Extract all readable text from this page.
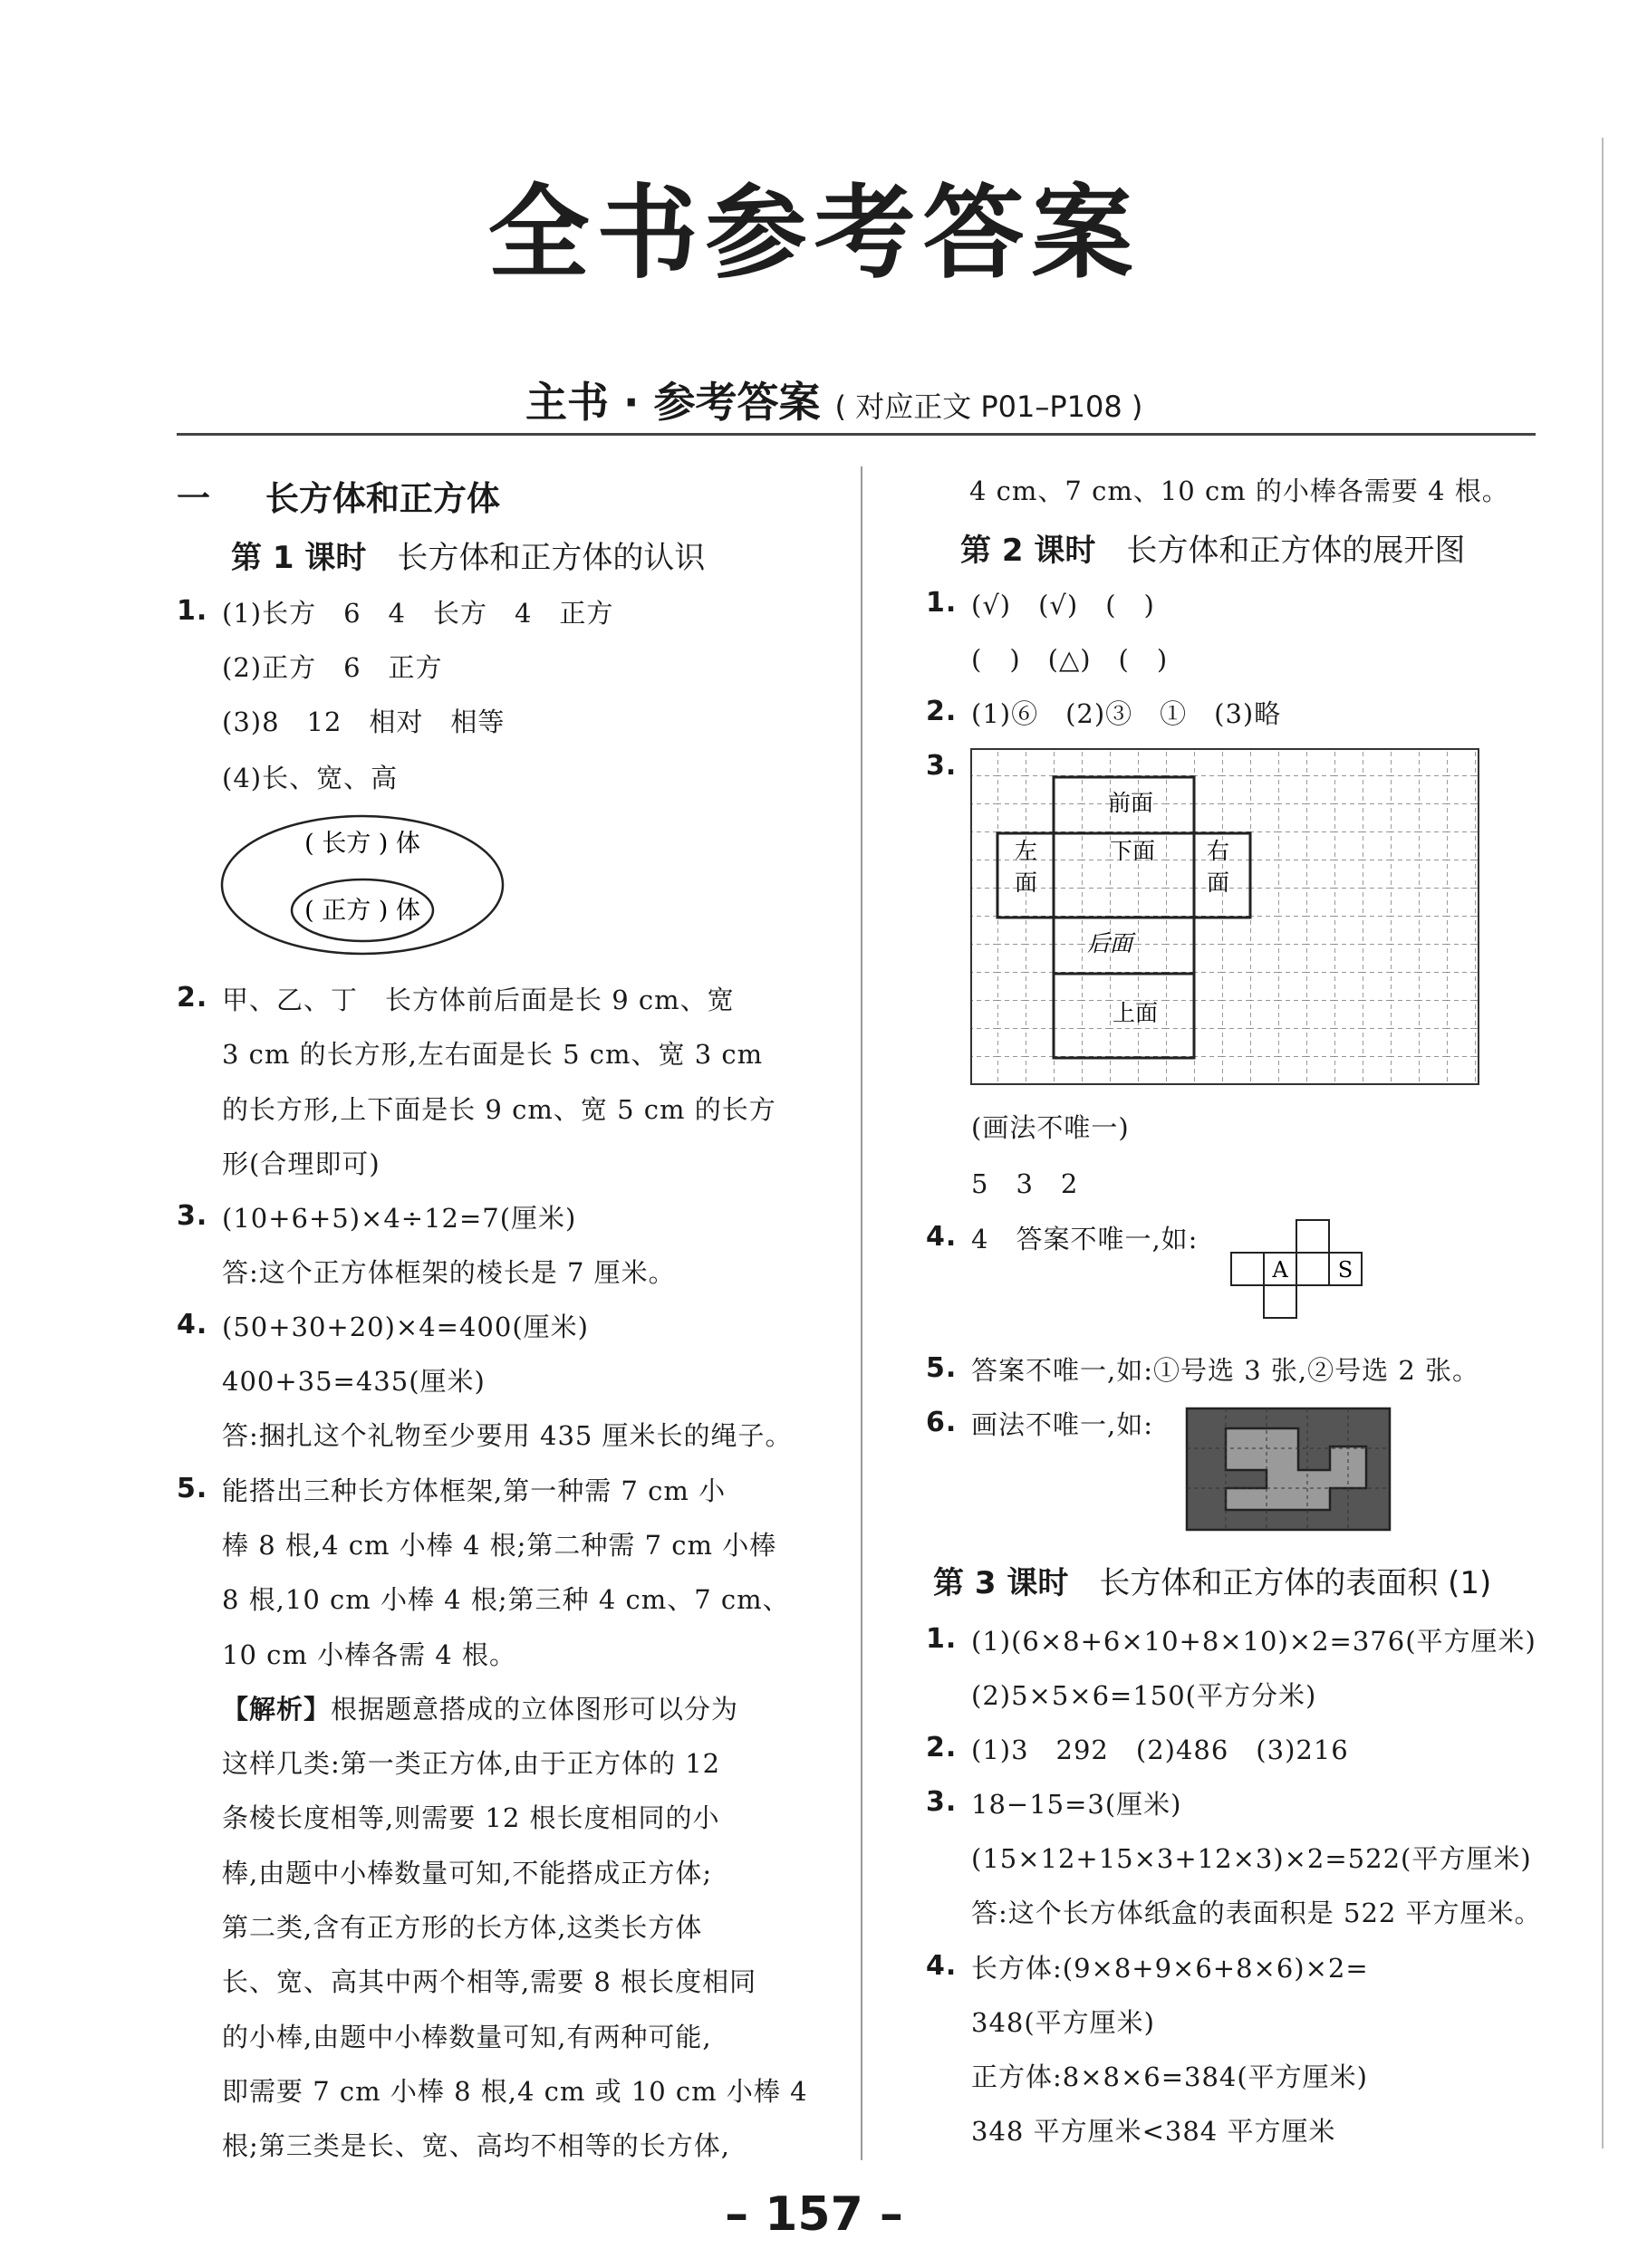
全书参考答案
主书 · 参考答案 ( 对应正文 P01–P108 )
一 长方体和正方体
第 1 课时 长方体和正方体的认识
1. (1)长方　6　4　长方　4　正方
(2)正方　6　正方
(3)8　12　相对　相等
(4)长、宽、高
( 长方 ) 体
( 正方 ) 体
2. 甲、乙、丁　长方体前后面是长 9 cm、宽
3 cm 的长方形,左右面是长 5 cm、宽 3 cm
的长方形,上下面是长 9 cm、宽 5 cm 的长方
形(合理即可)
3. (10+6+5)×4÷12=7(厘米)
答:这个正方体框架的棱长是 7 厘米。
4. (50+30+20)×4=400(厘米)
400+35=435(厘米)
答:捆扎这个礼物至少要用 435 厘米长的绳子。
5. 能搭出三种长方体框架,第一种需 7 cm 小
棒 8 根,4 cm 小棒 4 根;第二种需 7 cm 小棒
8 根,10 cm 小棒 4 根;第三种 4 cm、7 cm、
10 cm 小棒各需 4 根。
【解析】根据题意搭成的立体图形可以分为
这样几类:第一类正方体,由于正方体的 12
条棱长度相等,则需要 12 根长度相同的小
棒,由题中小棒数量可知,不能搭成正方体;
第二类,含有正方形的长方体,这类长方体
长、宽、高其中两个相等,需要 8 根长度相同
的小棒,由题中小棒数量可知,有两种可能,
即需要 7 cm 小棒 8 根,4 cm 或 10 cm 小棒 4
根;第三类是长、宽、高均不相等的长方体,
4 cm、7 cm、10 cm 的小棒各需要 4 根。
第 2 课时 长方体和正方体的展开图
1. (√)　(√)　(　)
(　)　(△)　(　)
2. (1)⑥　(2)③　①　(3)略
3.
前面
左
面
下面 右
面
后面
上面
(画法不唯一)
5　3　2
4. 4　答案不唯一,如:
A S
5. 答案不唯一,如:①号选 3 张,②号选 2 张。
6. 画法不唯一,如:
第 3 课时 长方体和正方体的表面积 (1)
1. (1)(6×8+6×10+8×10)×2=376(平方厘米)
(2)5×5×6=150(平方分米)
2. (1)3　292　(2)486　(3)216
3. 18−15=3(厘米)
(15×12+15×3+12×3)×2=522(平方厘米)
答:这个长方体纸盒的表面积是 522 平方厘米。
4. 长方体:(9×8+9×6+8×6)×2=
348(平方厘米)
正方体:8×8×6=384(平方厘米)
348 平方厘米<384 平方厘米
– 157 –
